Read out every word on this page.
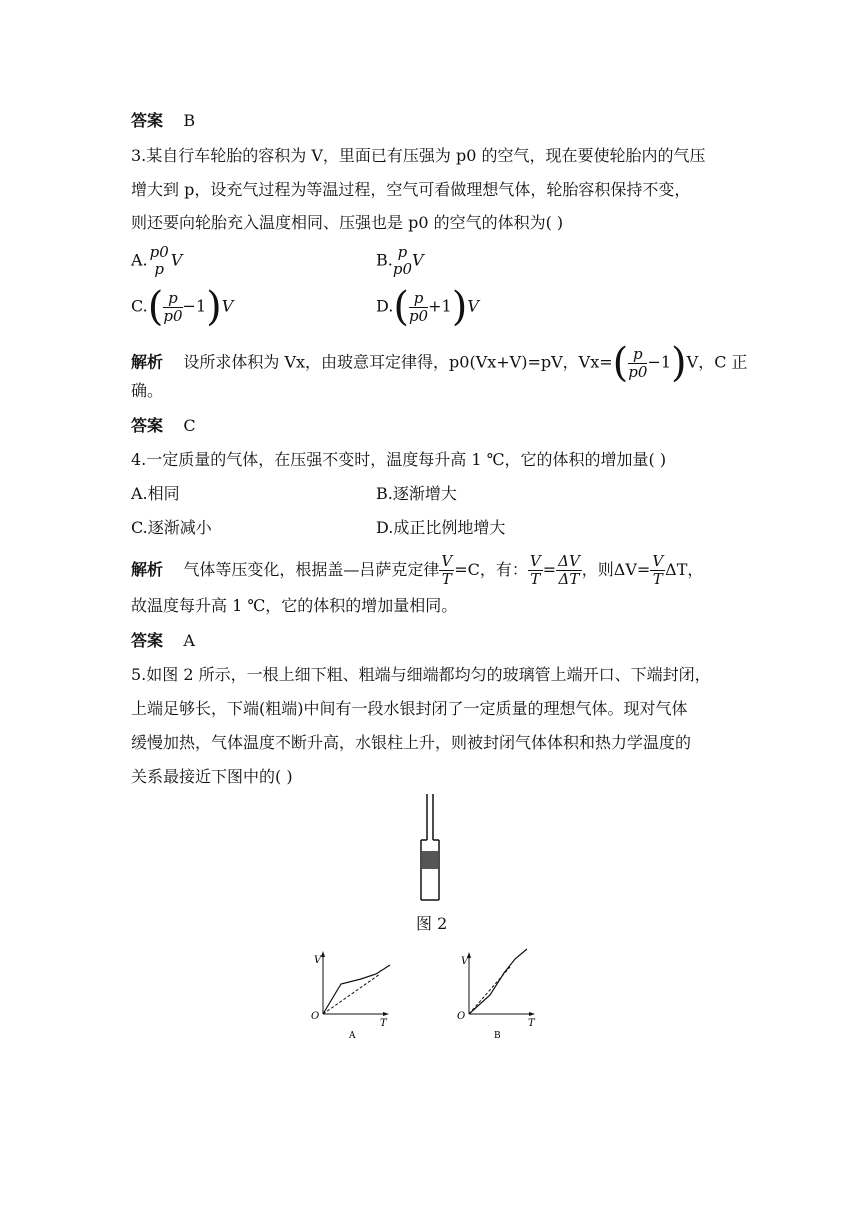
答案 B
3.某自行车轮胎的容积为 V，里面已有压强为 p0 的空气，现在要使轮胎内的气压
增大到 p，设充气过程为等温过程，空气可看做理想气体，轮胎容积保持不变，
则还要向轮胎充入温度相同、压强也是 p0 的空气的体积为( )
A. p0
p V	B. p
p0 V
$C.( \frac{p}{p0} -1)V$	$D.( \frac{p}{p0} +1)V$
解析 设所求体积为 Vx，由玻意耳定律得，p0(Vx+V)=pV，$Vx=( \frac{p}{p0} -1)V$，C 正
确。
答案 C
4.一定质量的气体，在压强不变时，温度每升高 1 ℃，它的体积的增加量( )
A.相同	B.逐渐增大
C.逐渐减小	D.成正比例地增大
解析 气体等压变化，根据盖—吕萨克定律 $\frac{V}{T} =C$，有： $\frac{V}{T} = \frac{\Delta V}{\Delta T}$ ，则$\Delta V= \frac{V}{T}$ ΔT，
故温度每升高 1 ℃，它的体积的增加量相同。
答案 A
5.如图 2 所示，一根上细下粗、粗端与细端都均匀的玻璃管上端开口、下端封闭，
上端足够长，下端(粗端)中间有一段水银封闭了一定质量的理想气体。现对气体
缓慢加热，气体温度不断升高，水银柱上升，则被封闭气体体积和热力学温度的
关系最接近下图中的( )
图 2
V
O
T
A
V
O
T
B
